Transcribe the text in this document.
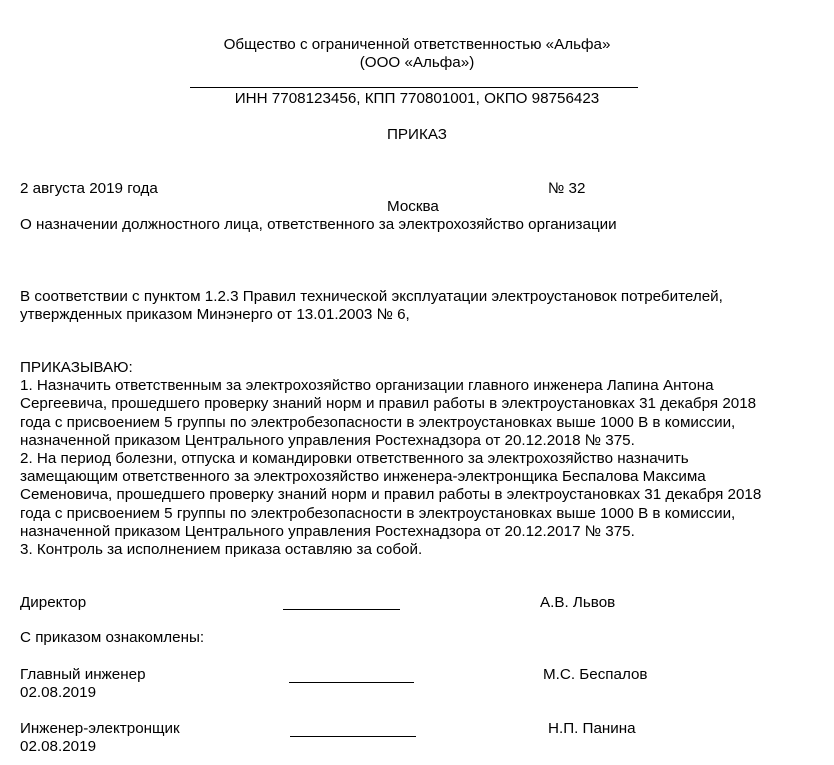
Общество с ограниченной ответственностью «Альфа»
(ООО «Альфа»)
ИНН 7708123456, КПП 770801001, ОКПО 98756423
ПРИКАЗ
2 августа 2019 года	№ 32
Москва
О назначении должностного лица, ответственного за электрохозяйство организации
В соответствии с пунктом 1.2.3 Правил технической эксплуатации электроустановок потребителей,
утвержденных приказом Минэнерго от 13.01.2003 № 6,
ПРИКАЗЫВАЮ:
1. Назначить ответственным за электрохозяйство организации главного инженера Лапина Антона
Сергеевича, прошедшего проверку знаний норм и правил работы в электроустановках 31 декабря 2018
года с присвоением 5 группы по электробезопасности в электроустановках выше 1000 В в комиссии,
назначенной приказом Центрального управления Ростехнадзора от 20.12.2018 № 375.
2. На период болезни, отпуска и командировки ответственного за электрохозяйство назначить
замещающим ответственного за электрохозяйство инженера-электронщика Беспалова Максима
Семеновича, прошедшего проверку знаний норм и правил работы в электроустановках 31 декабря 2018
года с присвоением 5 группы по электробезопасности в электроустановках выше 1000 В в комиссии,
назначенной приказом Центрального управления Ростехнадзора от 20.12.2017 № 375.
3. Контроль за исполнением приказа оставляю за собой.
Директор	А.В. Львов
С приказом ознакомлены:
Главный инженер
02.08.2019
М.С. Беспалов
Инженер-электронщик
02.08.2019
Н.П. Панина
